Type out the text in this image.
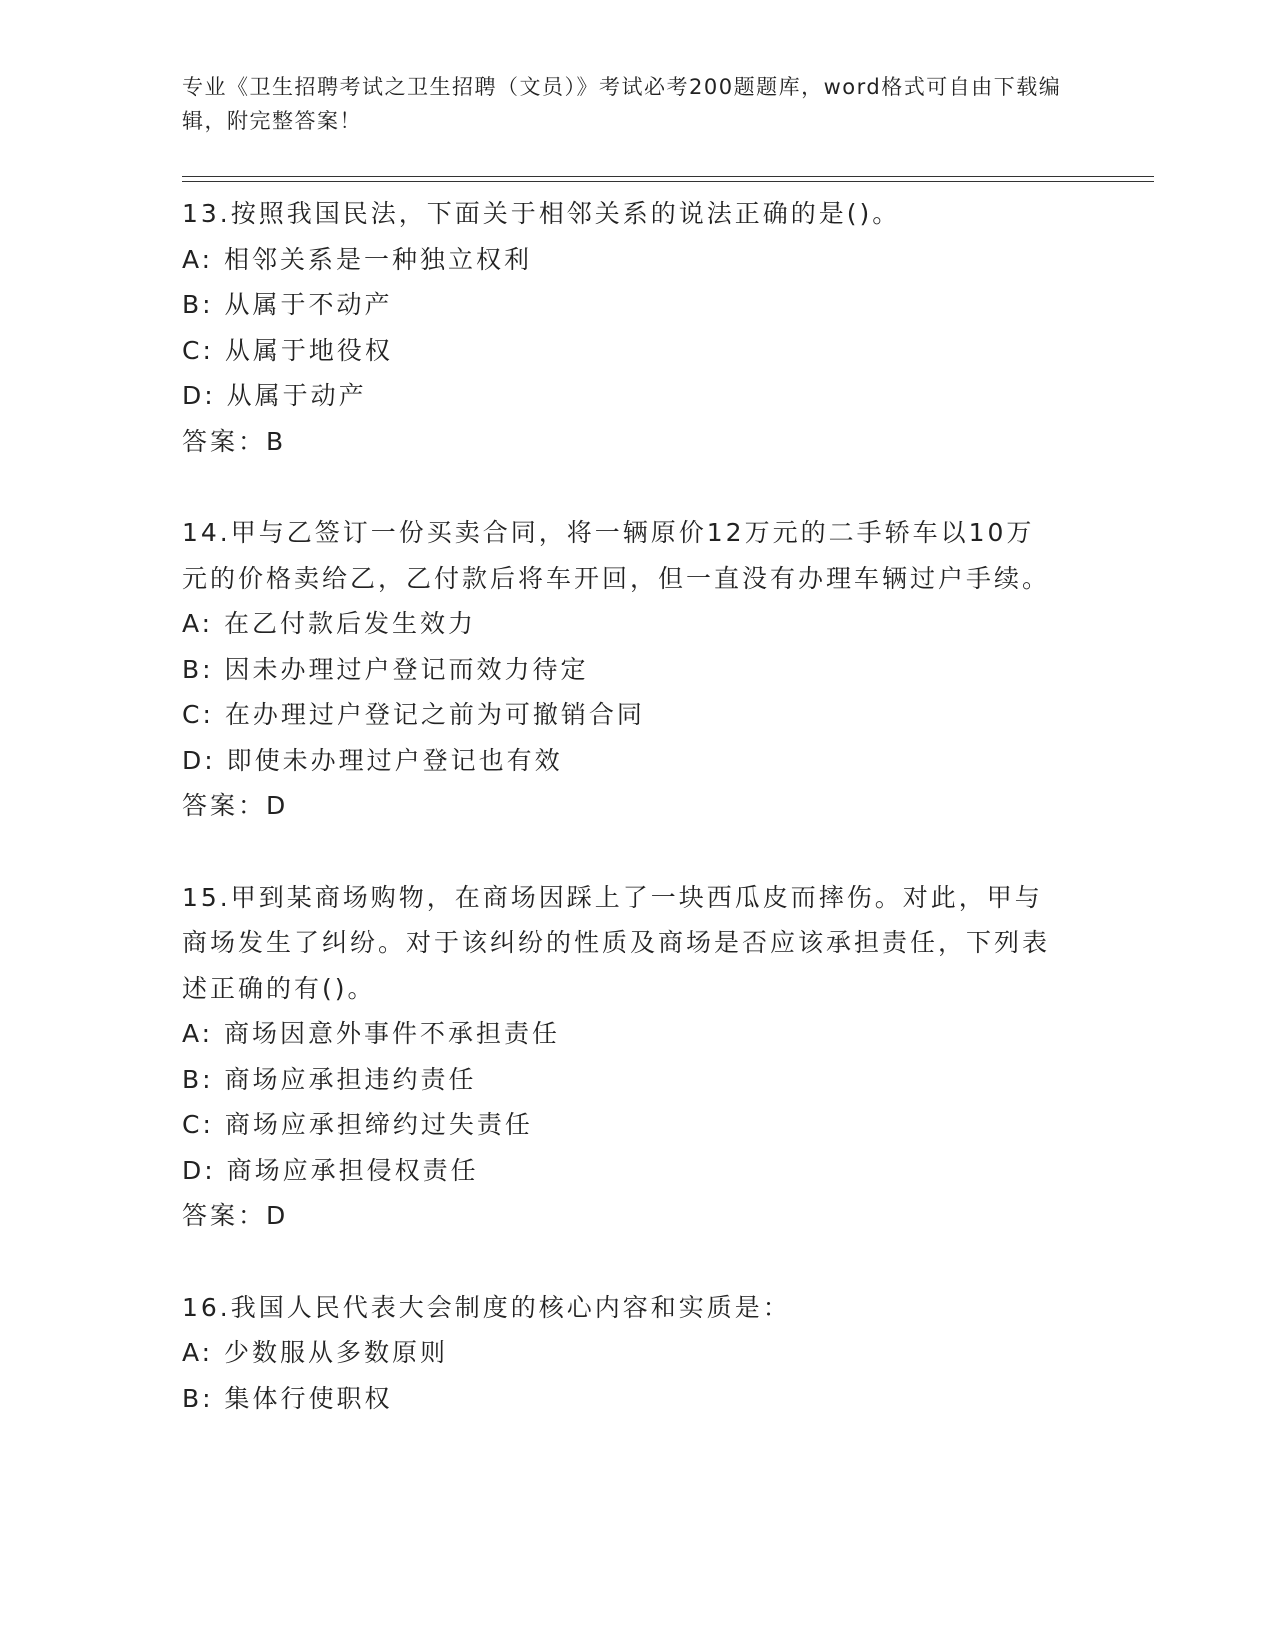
专业《卫生招聘考试之卫生招聘（文员）》考试必考200题题库，word格式可自由下载编辑，附完整答案！
13.按照我国民法，下面关于相邻关系的说法正确的是()。
A: 相邻关系是一种独立权利
B: 从属于不动产
C: 从属于地役权
D: 从属于动产
答案：B
14.甲与乙签订一份买卖合同，将一辆原价12万元的二手轿车以10万元的价格卖给乙，乙付款后将车开回，但一直没有办理车辆过户手续。
A: 在乙付款后发生效力
B: 因未办理过户登记而效力待定
C: 在办理过户登记之前为可撤销合同
D: 即使未办理过户登记也有效
答案：D
15.甲到某商场购物，在商场因踩上了一块西瓜皮而摔伤。对此，甲与商场发生了纠纷。对于该纠纷的性质及商场是否应该承担责任，下列表述正确的有()。
A: 商场因意外事件不承担责任
B: 商场应承担违约责任
C: 商场应承担缔约过失责任
D: 商场应承担侵权责任
答案：D
16.我国人民代表大会制度的核心内容和实质是：
A: 少数服从多数原则
B: 集体行使职权
